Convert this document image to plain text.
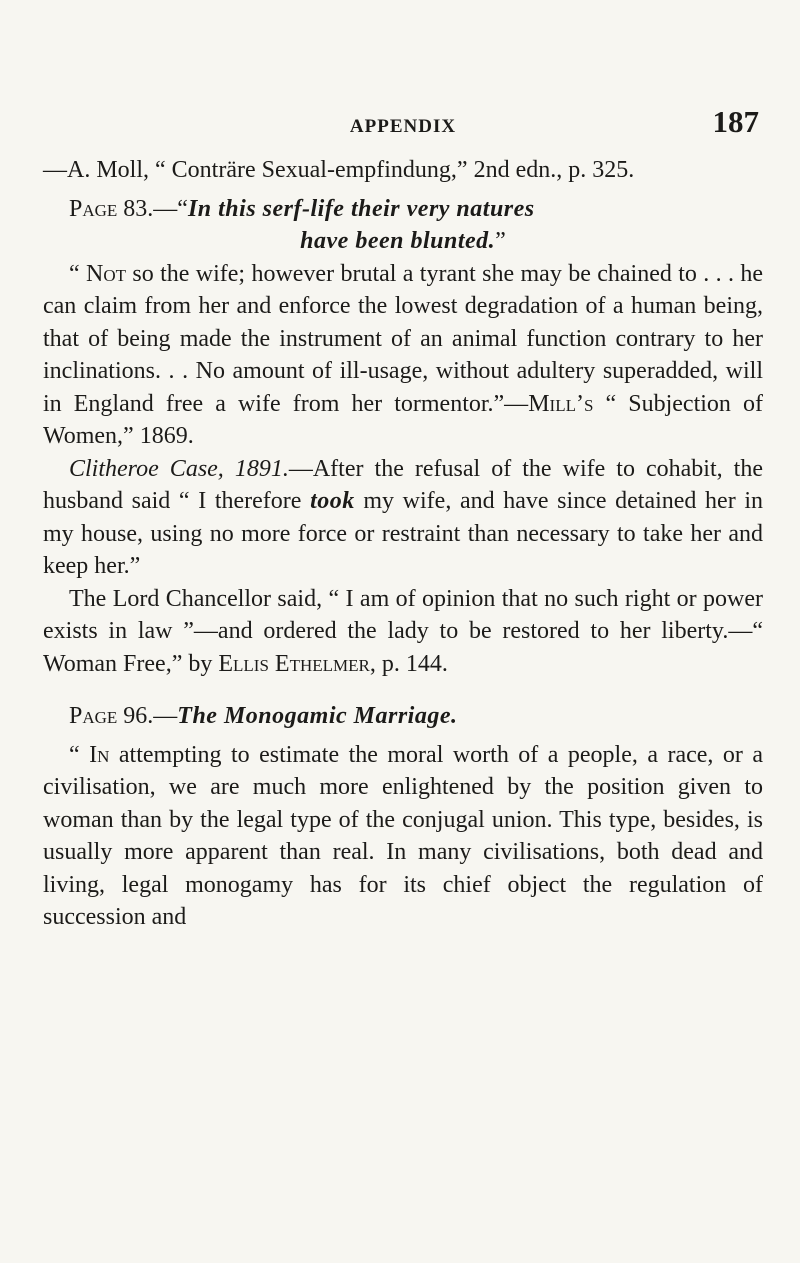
APPENDIX	187

—A. Moll, “ Conträre Sexual-empfindung,” 2nd edn., p. 325.

Page 83.—“In this serf-life their very natures

have been blunted.”

“ Not so the wife; however brutal a tyrant she may be chained to . . . he can claim from her and enforce the lowest degradation of a human being, that of being made the instrument of an animal function contrary to her inclinations. . . No amount of ill-usage, without adultery superadded, will in England free a wife from her tormentor.”—Mill’s “ Subjection of Women,” 1869.

Clitheroe Case, 1891.—After the refusal of the wife to cohabit, the husband said “ I therefore took my wife, and have since detained her in my house, using no more force or restraint than necessary to take her and keep her.”

The Lord Chancellor said, “ I am of opinion that no such right or power exists in law ”—and ordered the lady to be restored to her liberty.—“ Woman Free,” by Ellis Ethelmer, p. 144.

Page 96.—The Monogamic Marriage.

“ In attempting to estimate the moral worth of a people, a race, or a civilisation, we are much more enlightened by the position given to woman than by the legal type of the conjugal union. This type, besides, is usually more apparent than real. In many civilisations, both dead and living, legal monogamy has for its chief object the regulation of succession and
